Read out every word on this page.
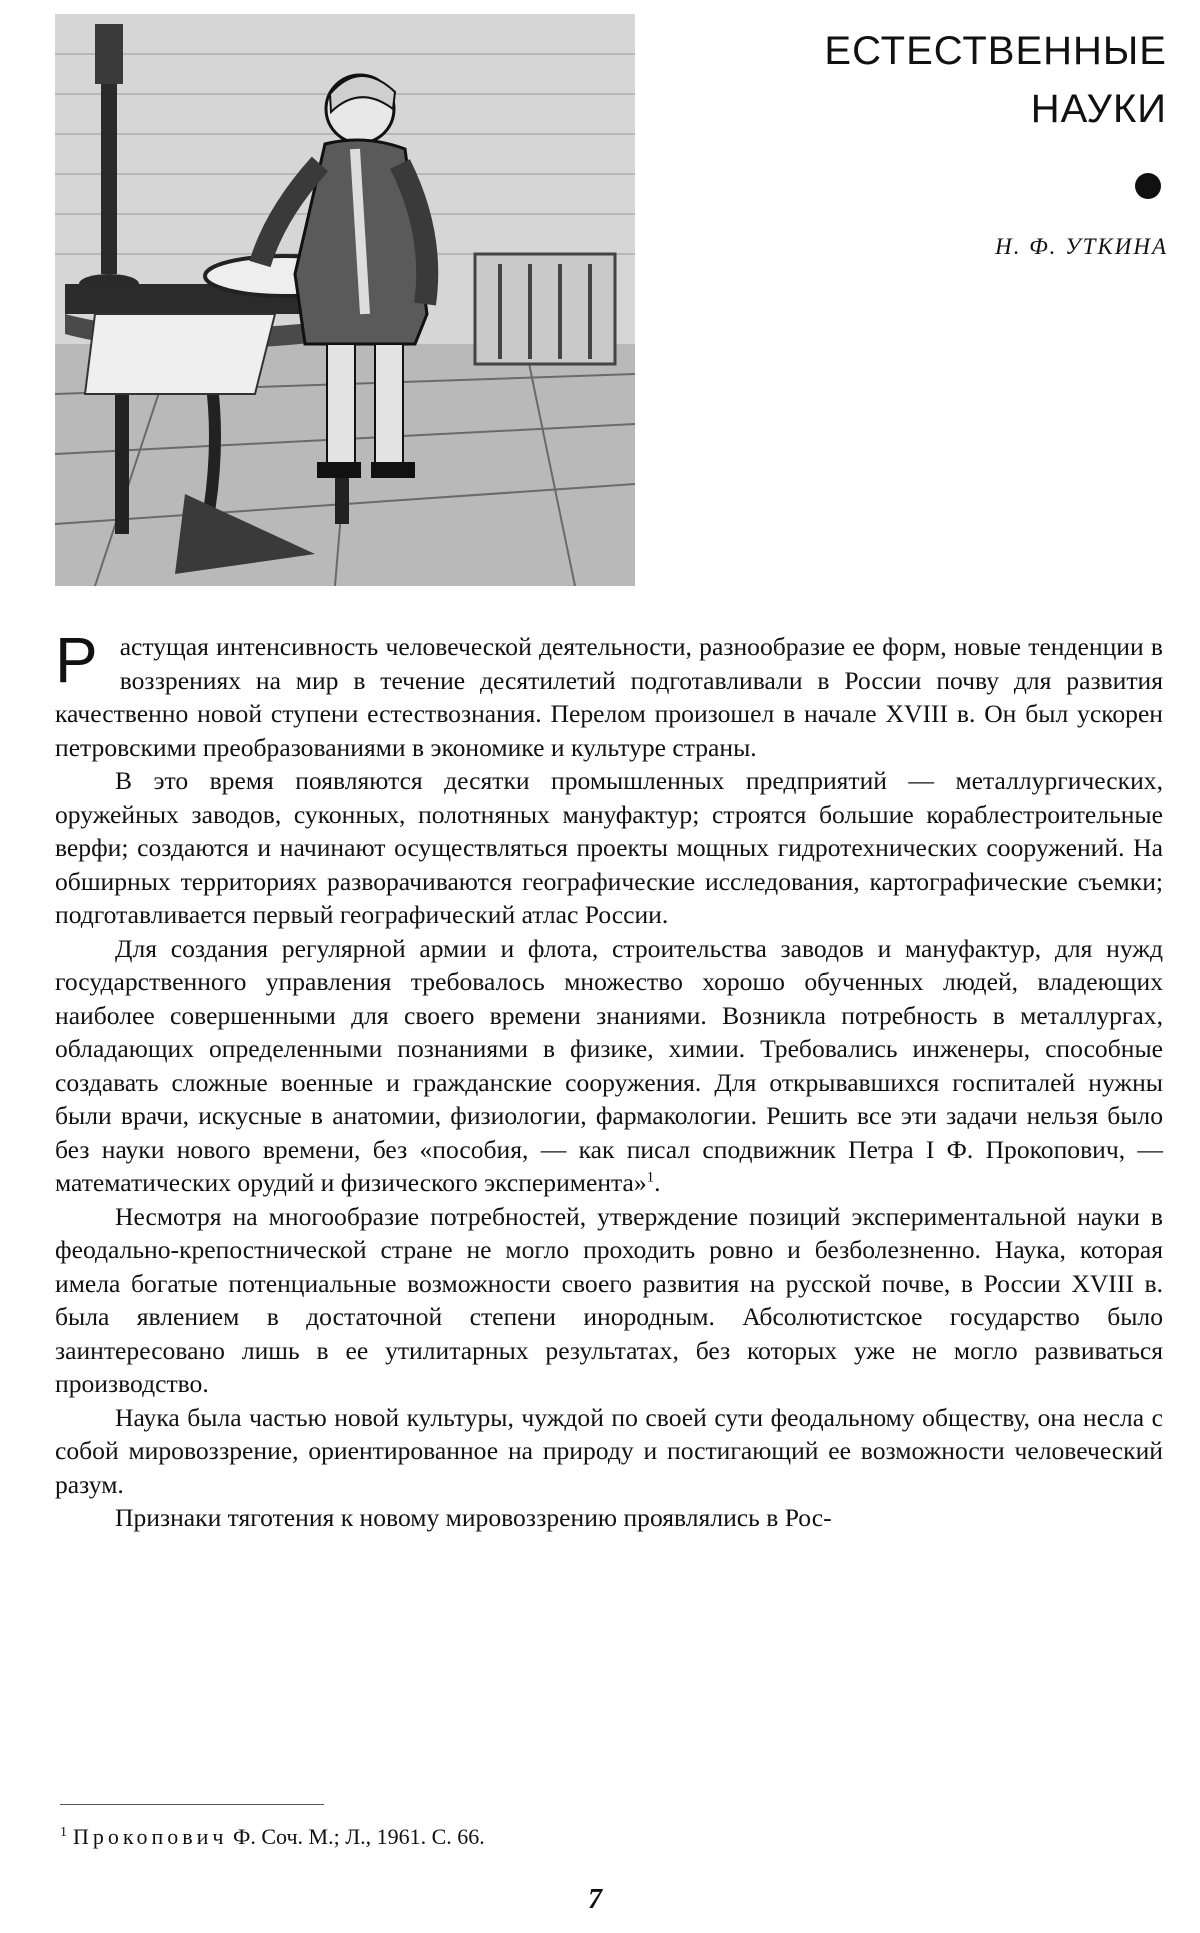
ЕСТЕСТВЕННЫЕ
НАУКИ
Н. Ф. УТКИНА

Растущая интенсивность человеческой деятельности, разнообразие ее форм, новые тенденции в воззрениях на мир в течение десятилетий подготавливали в России почву для развития качественно новой ступени естествознания. Перелом произошел в начале XVIII в. Он был ускорен петровскими преобразованиями в экономике и культуре страны.

В это время появляются десятки промышленных предприятий — металлургических, оружейных заводов, суконных, полотняных мануфактур; строятся большие кораблестроительные верфи; создаются и начинают осуществляться проекты мощных гидротехнических сооружений. На обширных территориях разворачиваются географические исследования, картографические съемки; подготавливается первый географический атлас России.

Для создания регулярной армии и флота, строительства заводов и мануфактур, для нужд государственного управления требовалось множество хорошо обученных людей, владеющих наиболее совершенными для своего времени знаниями. Возникла потребность в металлургах, обладающих определенными познаниями в физике, химии. Требовались инженеры, способные создавать сложные военные и гражданские сооружения. Для открывавшихся госпиталей нужны были врачи, искусные в анатомии, физиологии, фармакологии. Решить все эти задачи нельзя было без науки нового времени, без «пособия, — как писал сподвижник Петра I Ф. Прокопович, — математических орудий и физического эксперимента»$^1$.

Несмотря на многообразие потребностей, утверждение позиций экспериментальной науки в феодально-крепостнической стране не могло проходить ровно и безболезненно. Наука, которая имела богатые потенциальные возможности своего развития на русской почве, в России XVIII в. была явлением в достаточной степени инородным. Абсолютистское государство было заинтересовано лишь в ее утилитарных результатах, без которых уже не могло развиваться производство.

Наука была частью новой культуры, чуждой по своей сути феодальному обществу, она несла с собой мировоззрение, ориентированное на природу и постигающий ее возможности человеческий разум.

Признаки тяготения к новому мировоззрению проявлялись в Рос-

$^1$ Прокопович Ф. Соч. М.; Л., 1961. С. 66.
7
